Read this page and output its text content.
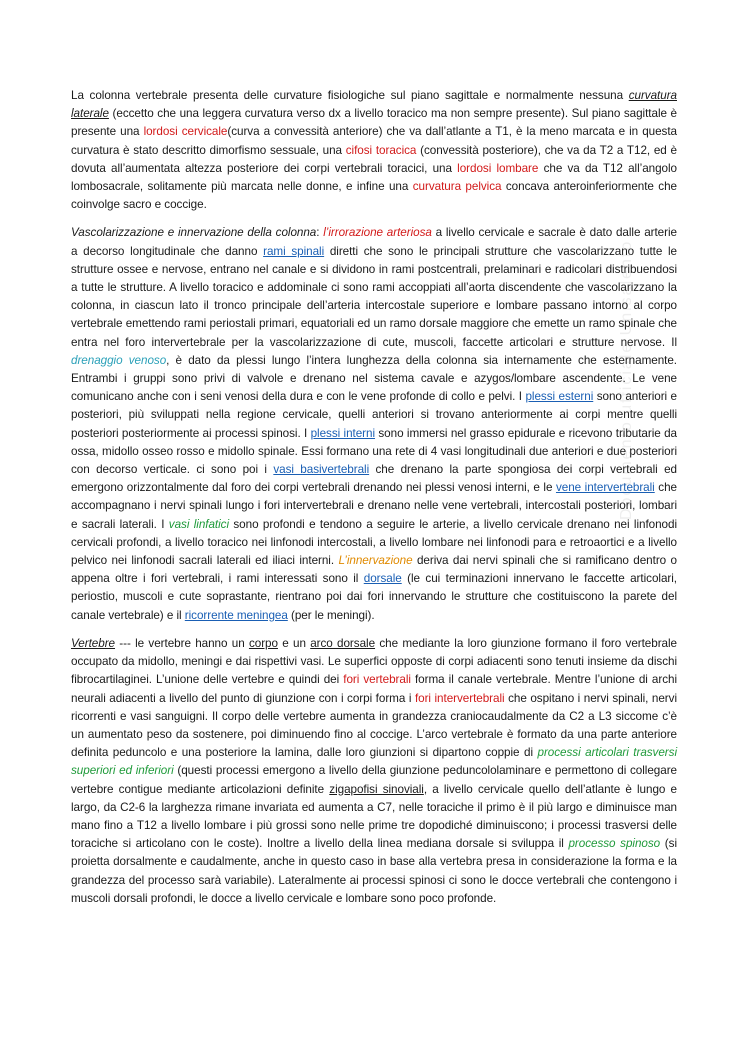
La colonna vertebrale presenta delle curvature fisiologiche sul piano sagittale e normalmente nessuna curvatura laterale (eccetto che una leggera curvatura verso dx a livello toracico ma non sempre presente). Sul piano sagittale è presente una lordosi cervicale(curva a convessità anteriore) che va dall’atlante a T1, è la meno marcata e in questa curvatura è stato descritto dimorfismo sessuale, una cifosi toracica (convessità posteriore), che va da T2 a T12, ed è dovuta all’aumentata altezza posteriore dei corpi vertebrali toracici, una lordosi lombare che va da T12 all’angolo lombosacrale, solitamente più marcata nelle donne, e infine una curvatura pelvica concava anteroinferiormente che coinvolge sacro e coccige.

Vascolarizzazione e innervazione della colonna: l’irrorazione arteriosa a livello cervicale e sacrale è dato dalle arterie a decorso longitudinale che danno rami spinali diretti che sono le principali strutture che vascolarizzano tutte le strutture ossee e nervose, entrano nel canale e si dividono in rami postcentrali, prelaminari e radicolari distribuendosi a tutte le strutture. A livello toracico e addominale ci sono rami accoppiati all’aorta discendente che vascolarizzano la colonna, in ciascun lato il tronco principale dell’arteria intercostale superiore e lombare passano intorno al corpo vertebrale emettendo rami periostali primari, equatoriali ed un ramo dorsale maggiore che emette un ramo spinale che entra nel foro intervertebrale per la vascolarizzazione di cute, muscoli, faccette articolari e strutture nervose. Il drenaggio venoso, è dato da plessi lungo l’intera lunghezza della colonna sia internamente che esternamente. Entrambi i gruppi sono privi di valvole e drenano nel sistema cavale e azygos/lombare ascendente. Le vene comunicano anche con i seni venosi della dura e con le vene profonde di collo e pelvi. I plessi esterni sono anteriori e posteriori, più sviluppati nella regione cervicale, quelli anteriori si trovano anteriormente ai corpi mentre quelli posteriori posteriormente ai processi spinosi. I plessi interni sono immersi nel grasso epidurale e ricevono tributarie da ossa, midollo osseo rosso e midollo spinale. Essi formano una rete di 4 vasi longitudinali due anteriori e due posteriori con decorso verticale. ci sono poi i vasi basivertebrali che drenano la parte spongiosa dei corpi vertebrali ed emergono orizzontalmente dal foro dei corpi vertebrali drenando nei plessi venosi interni, e le vene intervertebrali che accompagnano i nervi spinali lungo i fori intervertebrali e drenano nelle vene vertebrali, intercostali posteriori, lombari e sacrali laterali. I vasi linfatici sono profondi e tendono a seguire le arterie, a livello cervicale drenano nei linfonodi cervicali profondi, a livello toracico nei linfonodi intercostali, a livello lombare nei linfonodi para e retroaortici e a livello pelvico nei linfonodi sacrali laterali ed iliaci interni. L’innervazione deriva dai nervi spinali che si ramificano dentro o appena oltre i fori vertebrali, i rami interessati sono il dorsale (le cui terminazioni innervano le faccette articolari, periostio, muscoli e cute soprastante, rientrano poi dai fori innervando le strutture che costituiscono la parete del canale vertebrale) e il ricorrente meningea (per le meningi).

Vertebre --- le vertebre hanno un corpo e un arco dorsale che mediante la loro giunzione formano il foro vertebrale occupato da midollo, meningi e dai rispettivi vasi. Le superfici opposte di corpi adiacenti sono tenuti insieme da dischi fibrocartilaginei. L’unione delle vertebre e quindi dei fori vertebrali forma il canale vertebrale. Mentre l’unione di archi neurali adiacenti a livello del punto di giunzione con i corpi forma i fori intervertebrali che ospitano i nervi spinali, nervi ricorrenti e vasi sanguigni. Il corpo delle vertebre aumenta in grandezza craniocaudalmente da C2 a L3 siccome c’è un aumentato peso da sostenere, poi diminuendo fino al coccige. L’arco vertebrale è formato da una parte anteriore definita peduncolo e una posteriore la lamina, dalle loro giunzioni si dipartono coppie di processi articolari trasversi superiori ed inferiori (questi processi emergono a livello della giunzione peduncololaminare e permettono di collegare vertebre contigue mediante articolazioni definite zigapofisi sinoviali, a livello cervicale quello dell’atlante è lungo e largo, da C2-6 la larghezza rimane invariata ed aumenta a C7, nelle toraciche il primo è il più largo e diminuisce man mano fino a T12 a livello lombare i più grossi sono nelle prime tre dopodiché diminuiscono; i processi trasversi delle toraciche si articolano con le coste). Inoltre a livello della linea mediana dorsale si sviluppa il processo spinoso (si proietta dorsalmente e caudalmente, anche in questo caso in base alla vertebra presa in considerazione la forma e la grandezza del processo sarà variabile). Lateralmente ai processi spinosi ci sono le docce vertebrali che contengono i muscoli dorsali profondi, le docce a livello cervicale e lombare sono poco profonde.

Documento ufficiale Unisalento
